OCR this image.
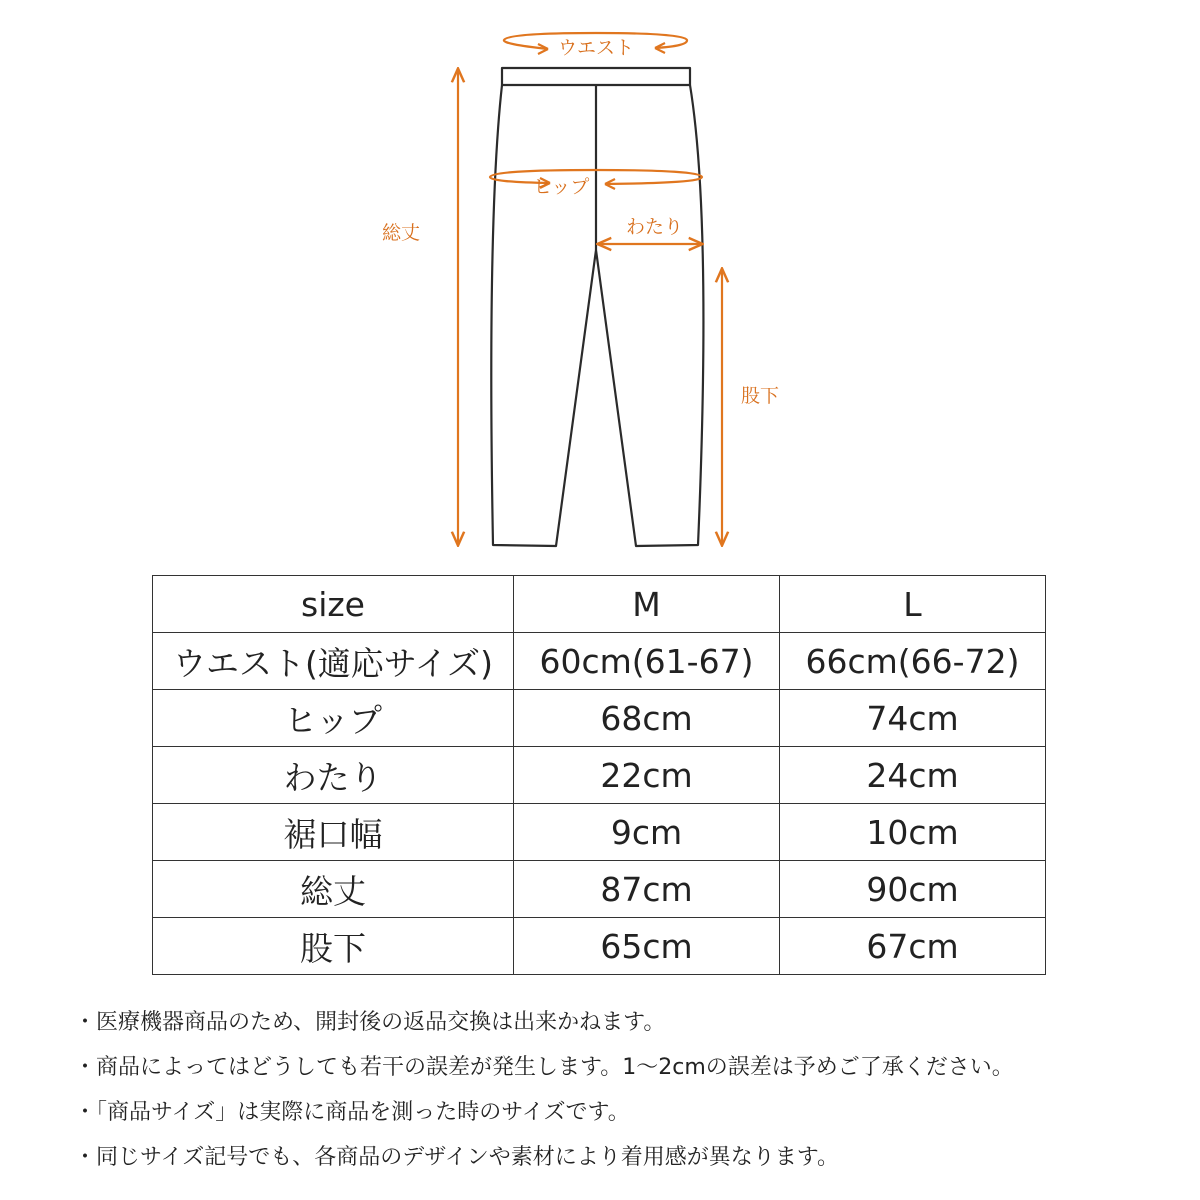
ウエスト
ヒップ
わたり
総丈
股下
size	M	L
ウエスト(適応サイズ)	60cm(61-67)	66cm(66-72)
ヒップ	68cm	74cm
わたり	22cm	24cm
裾口幅	9cm	10cm
総丈	87cm	90cm
股下	65cm	67cm
・医療機器商品のため、開封後の返品交換は出来かねます。
・商品によってはどうしても若干の誤差が発生します。1〜2cmの誤差は予めご了承ください。
・「商品サイズ」は実際に商品を測った時のサイズです。
・同じサイズ記号でも、各商品のデザインや素材により着用感が異なります。
